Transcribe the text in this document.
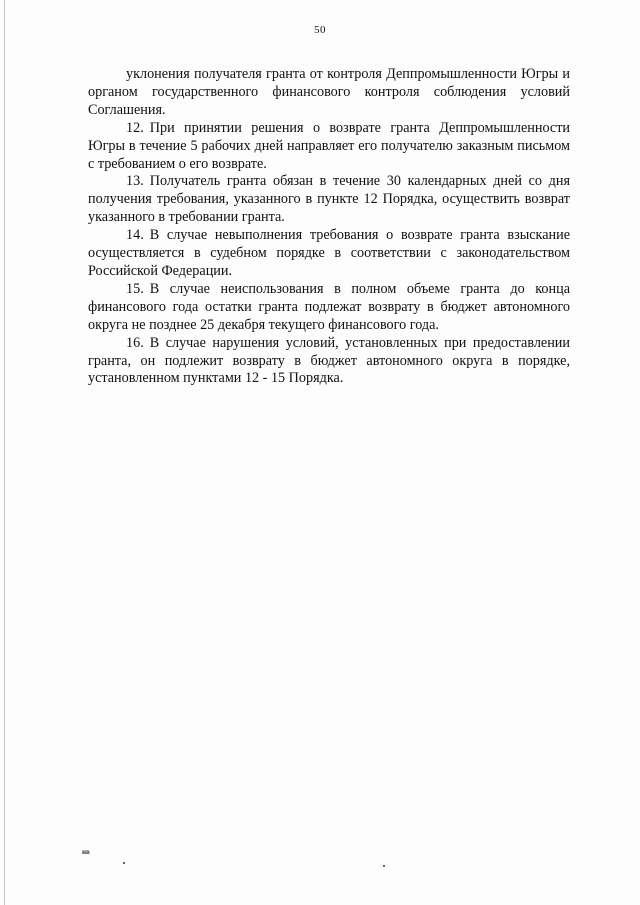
50

уклонения получателя гранта от контроля Деппромышленности Югры и органом государственного финансового контроля соблюдения условий Соглашения.

12. При принятии решения о возврате гранта Деппромышленности Югры в течение 5 рабочих дней направляет его получателю заказным письмом с требованием о его возврате.

13. Получатель гранта обязан в течение 30 календарных дней со дня получения требования, указанного в пункте 12 Порядка, осуществить возврат указанного в требовании гранта.

14. В случае невыполнения требования о возврате гранта взыскание осуществляется в судебном порядке в соответствии с законодательством Российской Федерации.

15. В случае неиспользования в полном объеме гранта до конца финансового года остатки гранта подлежат возврату в бюджет автономного округа не позднее 25 декабря текущего финансового года.

16. В случае нарушения условий, установленных при предоставлении гранта, он подлежит возврату в бюджет автономного округа в порядке, установленном пунктами 12 - 15 Порядка.

нв
